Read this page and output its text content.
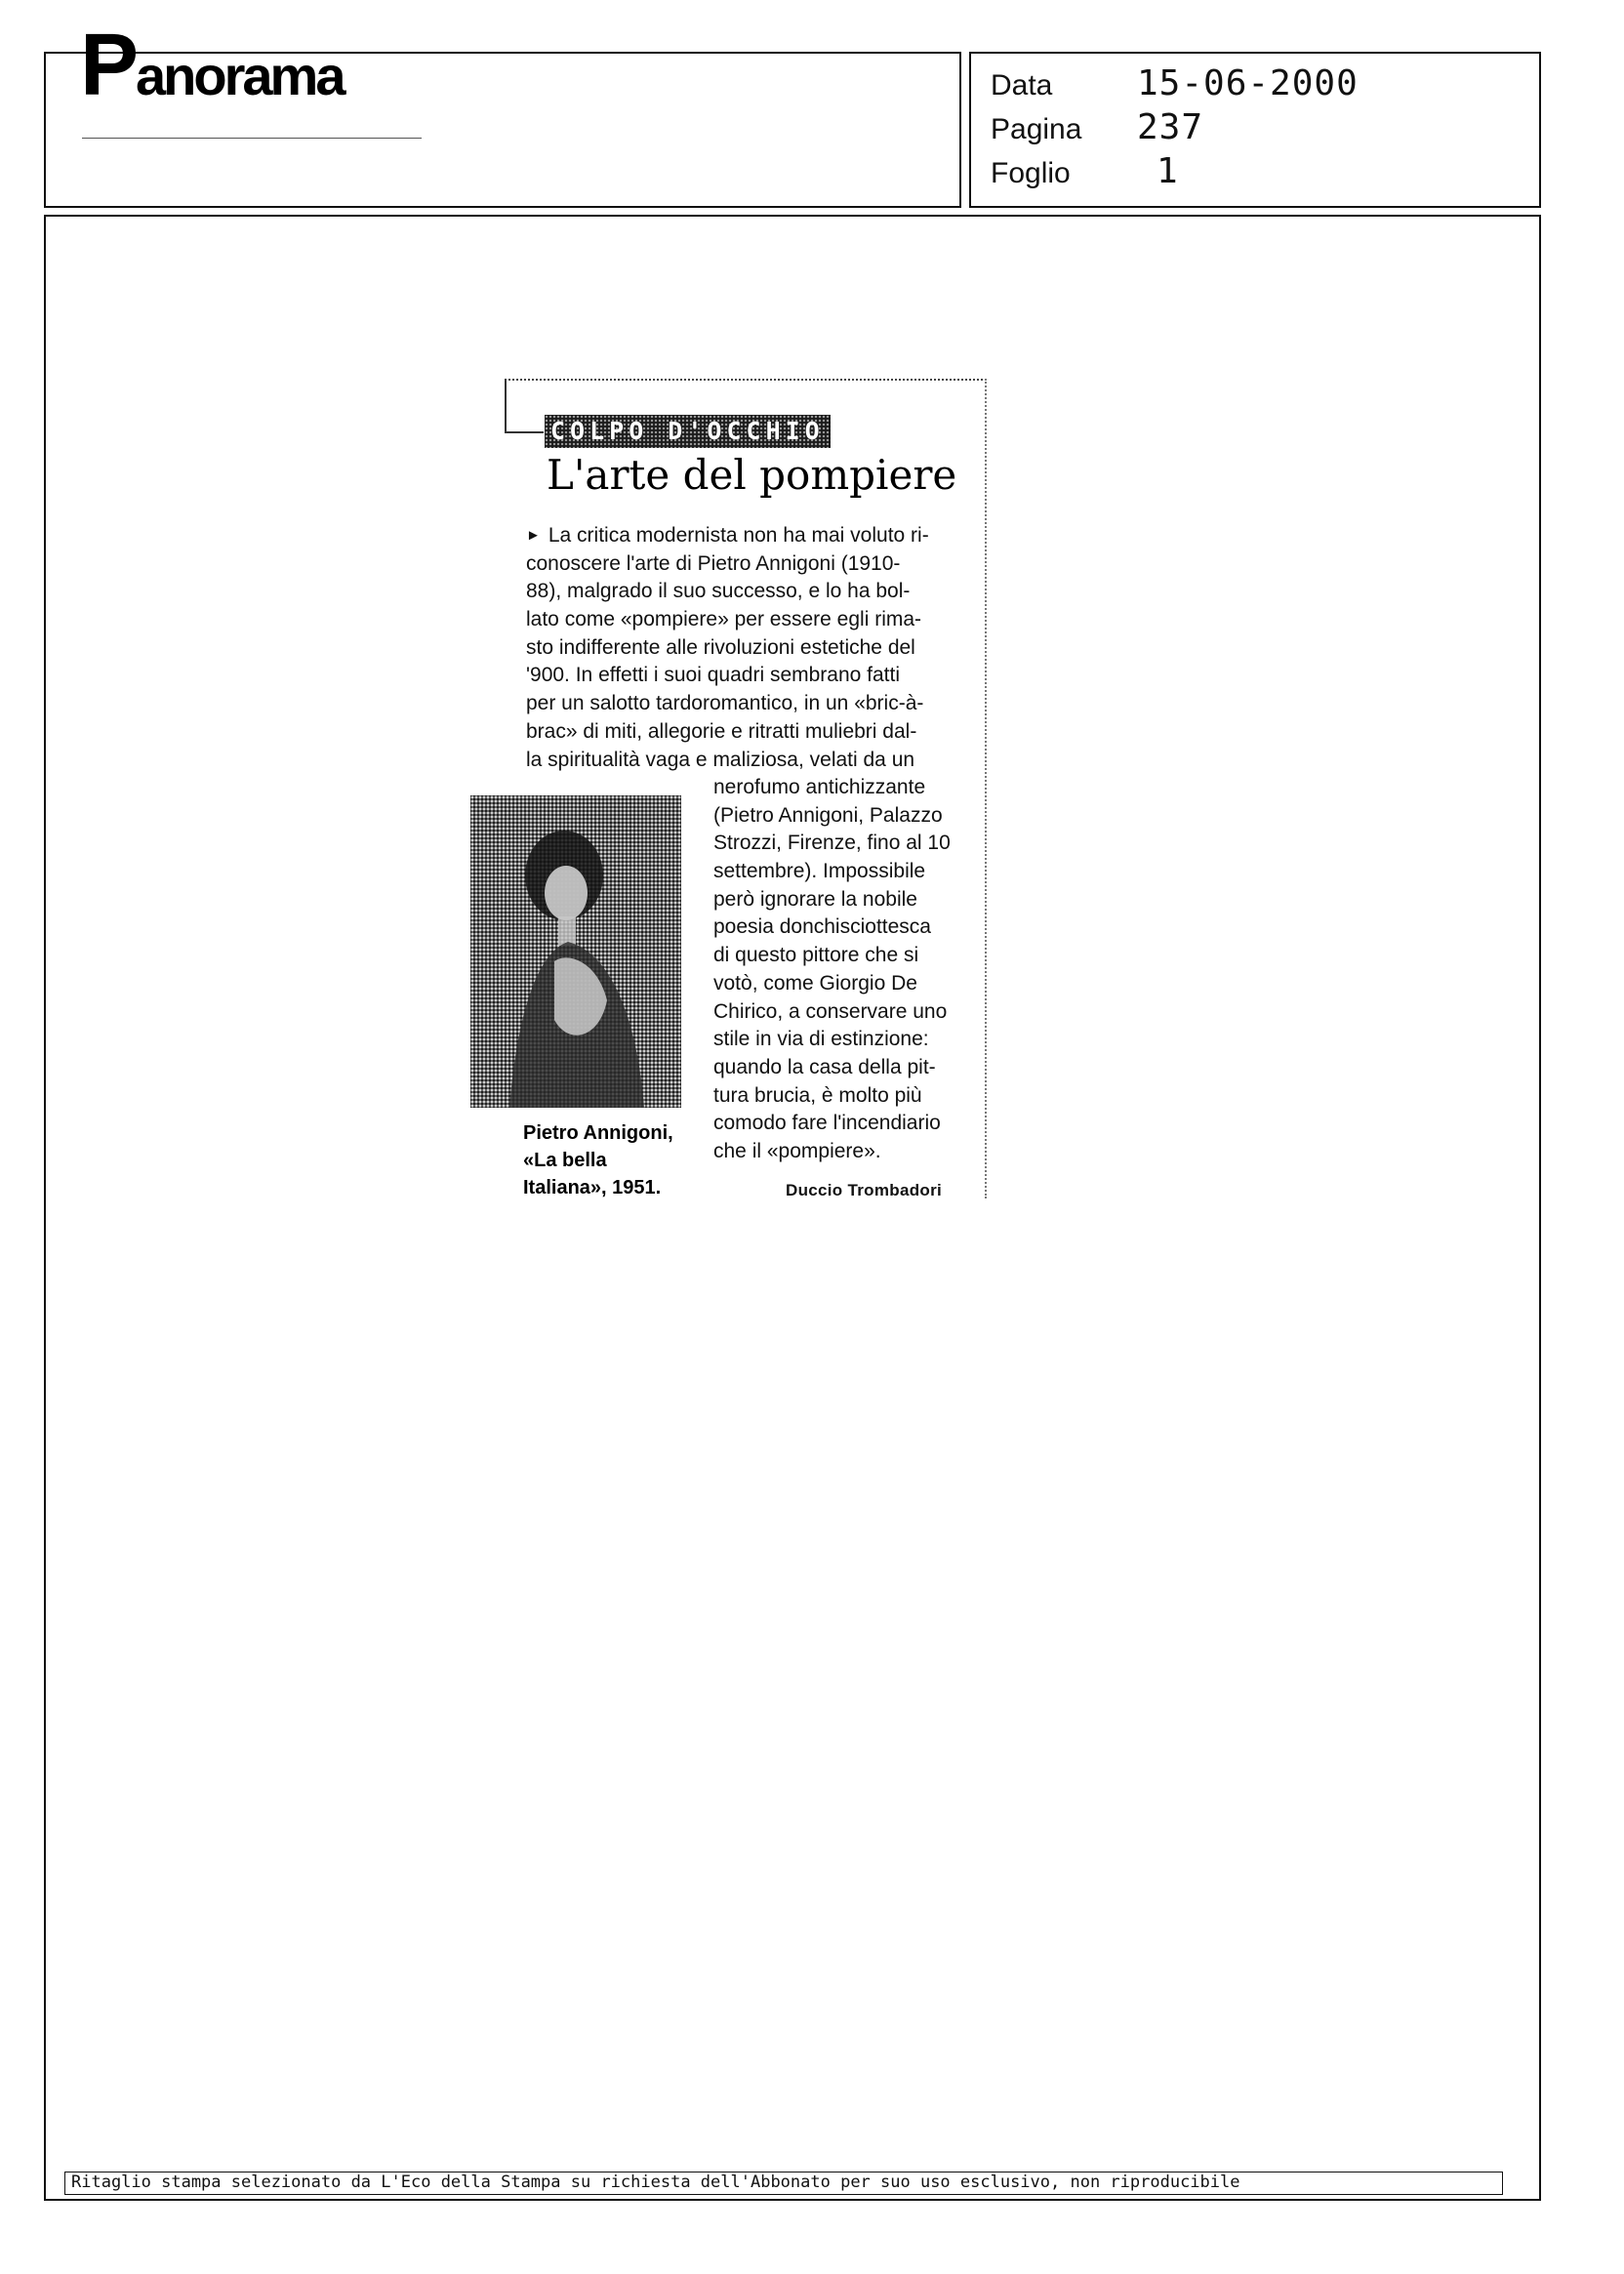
Panorama	Data	15-06-2000
Pagina	237
Foglio	1
COLPO D'OCCHIO
L'arte del pompiere
► La critica modernista non ha mai voluto ri-
conoscere l'arte di Pietro Annigoni (1910-
88), malgrado il suo successo, e lo ha bol-
lato come «pompiere» per essere egli rima-
sto indifferente alle rivoluzioni estetiche del
'900. In effetti i suoi quadri sembrano fatti
per un salotto tardoromantico, in un «bric-à-
brac» di miti, allegorie e ritratti muliebri dal-
la spiritualità vaga e maliziosa, velati da un
Pietro Annigoni,
«La bella
Italiana», 1951.
nerofumo antichizzante
(Pietro Annigoni, Palazzo
Strozzi, Firenze, fino al 10
settembre). Impossibile
però ignorare la nobile
poesia donchisciottesca
di questo pittore che si
votò, come Giorgio De
Chirico, a conservare uno
stile in via di estinzione:
quando la casa della pit-
tura brucia, è molto più
comodo fare l'incendiario
che il «pompiere».
Duccio Trombadori
Ritaglio stampa selezionato da L'Eco della Stampa su richiesta dell'Abbonato per suo uso esclusivo, non riproducibile
